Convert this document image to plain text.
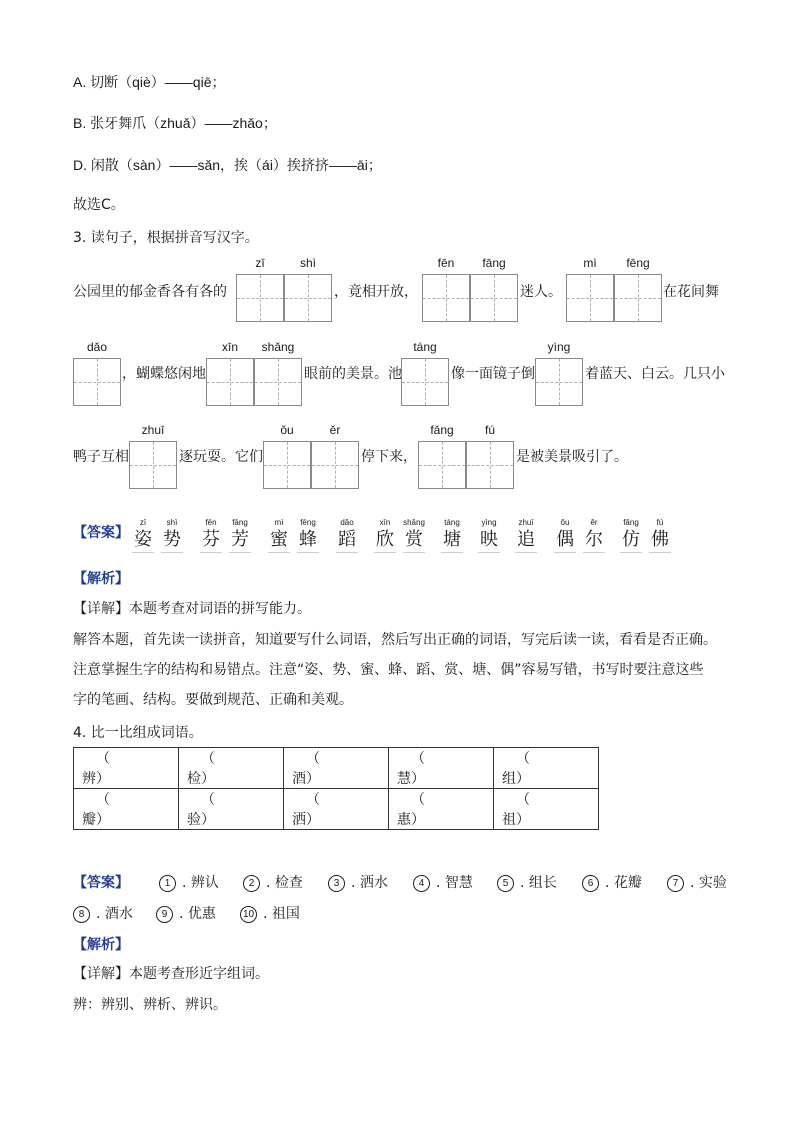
A. 切断（qiè）——qiē；
B. 张牙舞爪（zhuǎ）——zhǎo；
D. 闲散（sàn）——sǎn，挨（ái）挨挤挤——āi；
故选C。
3. 读句子，根据拼音写汉字。
zī	shì	fēn	fāng	mì	fēng
公园里的郁金香各有各的	，竟相开放，	迷人。	在花间舞
dǎo	xīn	shǎng	táng	yìng
，蝴蝶悠闲地	眼前的美景。池	像一面镜子倒	着蓝天、白云。几只小
zhuī	ǒu	ěr	fǎng	fú
鸭子互相	逐玩耍。它们	停下来，	是被美景吸引了。
【答案】
zī
姿
shì
势
fēn
芬
fāng
芳
mì
蜜
fēng
蜂
dǎo
蹈
xīn
欣
shǎng
赏
táng
塘
yìng
映
zhuī
追
ǒu
偶
ěr
尔
fǎng
仿
fú
佛
【解析】
【详解】本题考查对词语的拼写能力。
解答本题，首先读一读拼音，知道要写什么词语，然后写出正确的词语，写完后读一读，看看是否正确。
注意掌握生字的结构和易错点。注意“姿、势、蜜、蜂、蹈、赏、塘、偶”容易写错，书写时要注意这些
字的笔画、结构。要做到规范、正确和美观。
4. 比一比组成词语。
辨（ ）	检（ ）	酒（ ）	慧（ ）	组（ ）
瓣（ ）	验（ ）	洒（ ）	惠（ ）	祖（ ）
【答案】	1 . 辨认	2 . 检查	3 . 洒水	4 . 智慧	5 . 组长	6 . 花瓣	7 . 实验
8 . 酒水	9 . 优惠	10 . 祖国
【解析】
【详解】本题考查形近字组词。
辨：辨别、辨析、辨识。
